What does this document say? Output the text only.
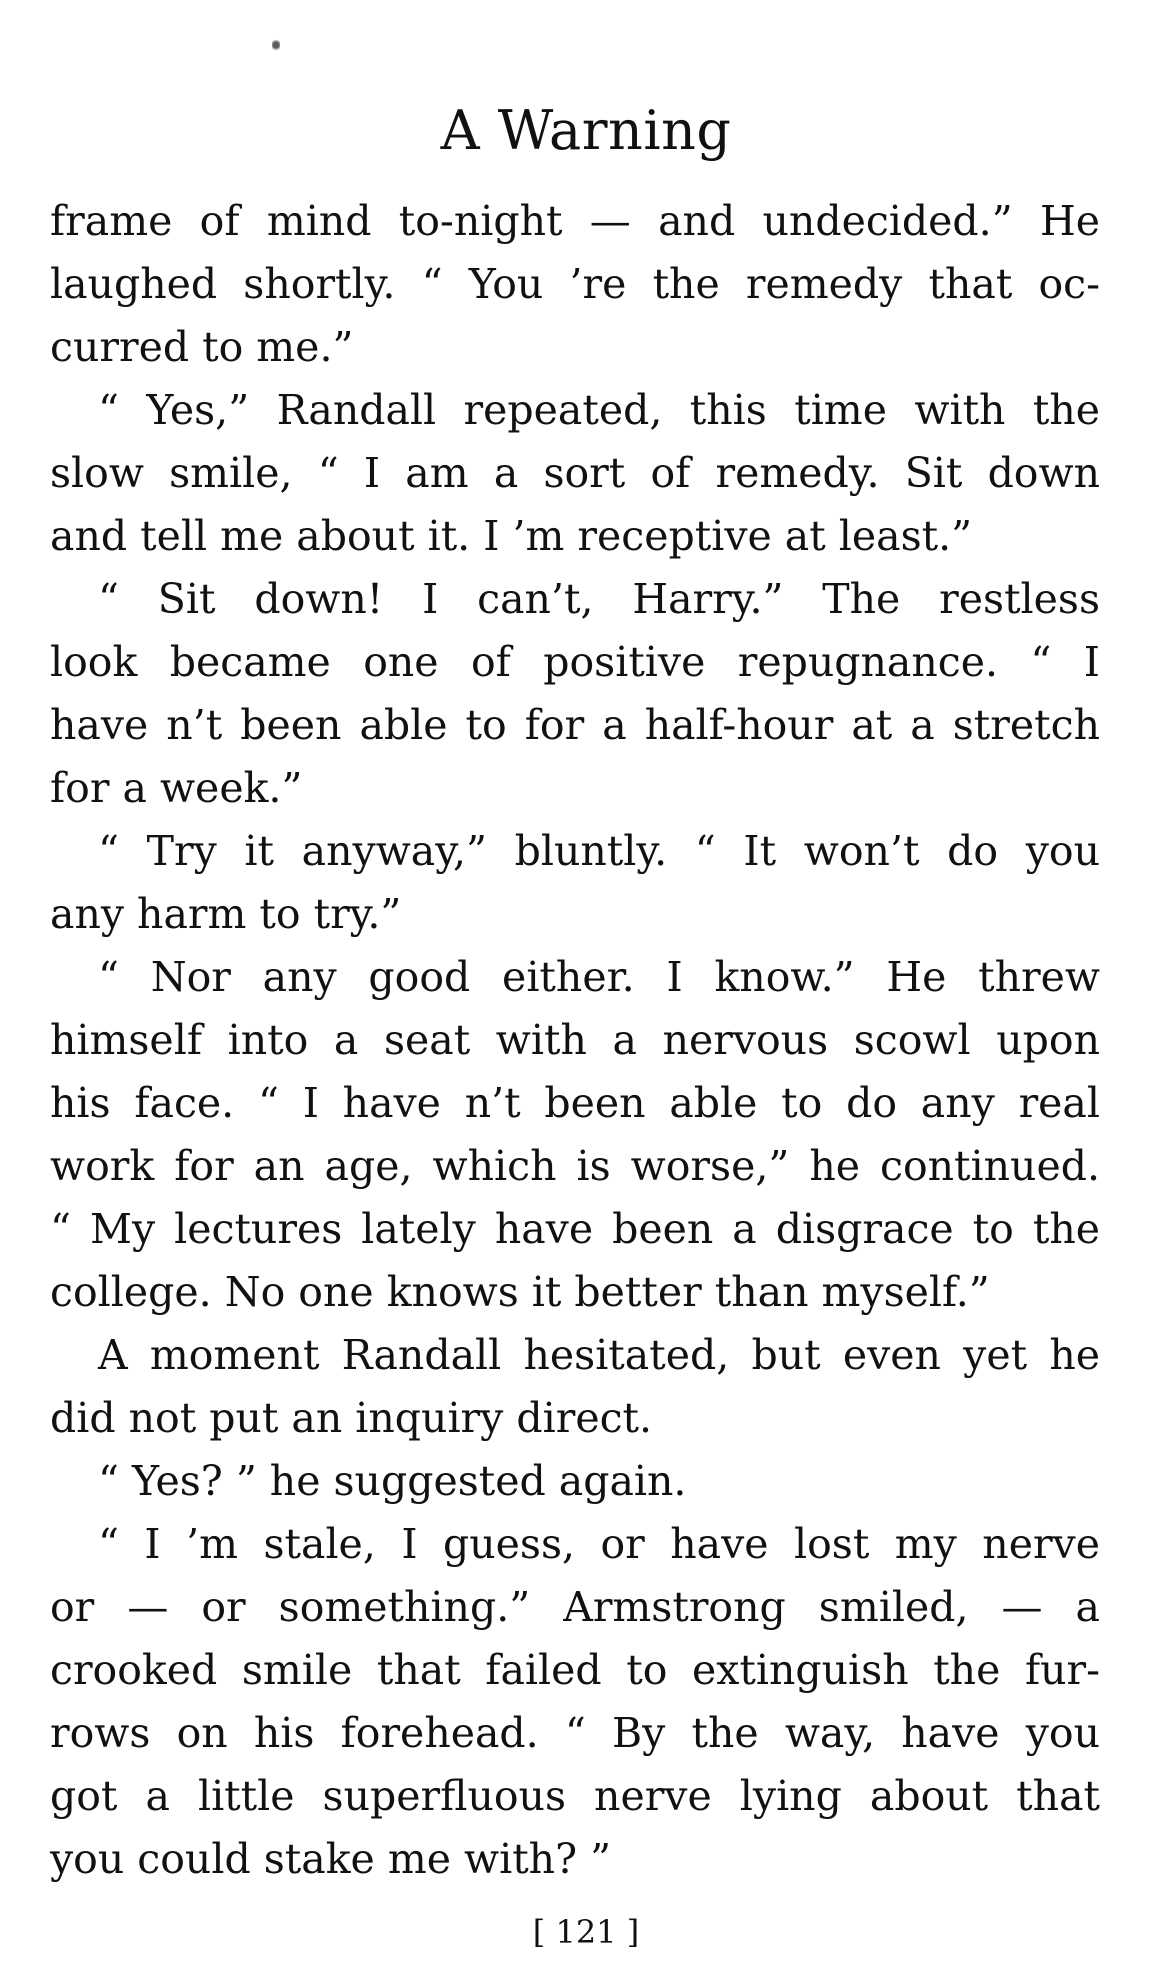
A Warning
frame of mind to-night — and undecided.” He
laughed shortly. “ You ’re the remedy that oc-
curred to me.”
“ Yes,” Randall repeated, this time with the
slow smile, “ I am a sort of remedy. Sit down
and tell me about it. I ’m receptive at least.”
“ Sit down! I can’t, Harry.” The restless
look became one of positive repugnance. “ I
have n’t been able to for a half-hour at a stretch
for a week.”
“ Try it anyway,” bluntly. “ It won’t do you
any harm to try.”
“ Nor any good either. I know.” He threw
himself into a seat with a nervous scowl upon
his face. “ I have n’t been able to do any real
work for an age, which is worse,” he continued.
“ My lectures lately have been a disgrace to the
college. No one knows it better than myself.”
A moment Randall hesitated, but even yet he
did not put an inquiry direct.
“ Yes? ” he suggested again.
“ I ’m stale, I guess, or have lost my nerve
or — or something.” Armstrong smiled, — a
crooked smile that failed to extinguish the fur-
rows on his forehead. “ By the way, have you
got a little superfluous nerve lying about that
you could stake me with? ”
[ 121 ]
